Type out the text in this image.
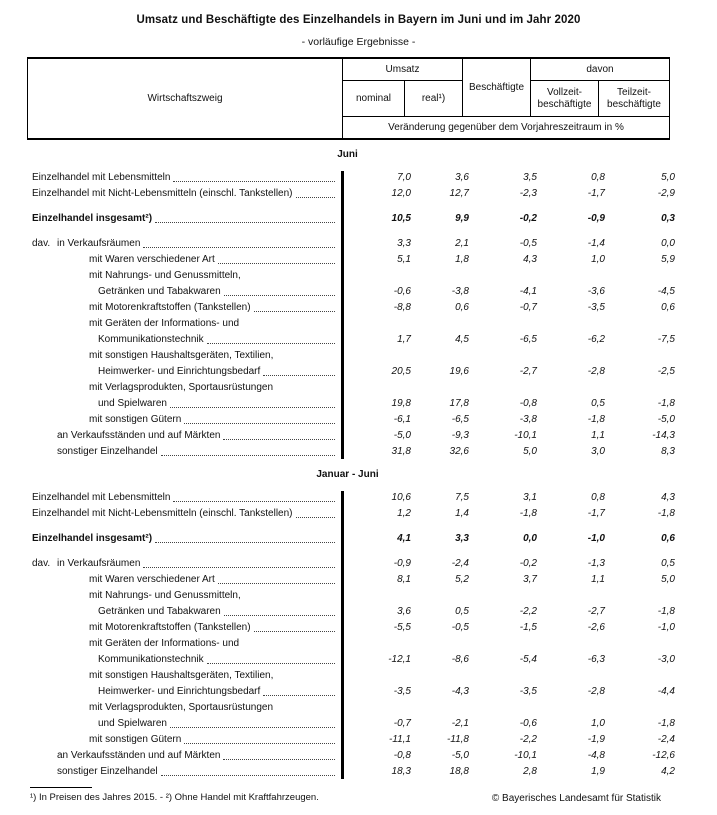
Umsatz und Beschäftigte des Einzelhandels in Bayern im Juni und im Jahr 2020
- vorläufige Ergebnisse -
Wirtschaftszweig
Umsatz
Beschäftigte
davon
nominal	real¹)
Vollzeit-beschäftigte
Teilzeit-beschäftigte
Veränderung gegenüber dem Vorjahreszeitraum in %
Juni
Einzelhandel mit Lebensmitteln	7,0	3,6	3,5	0,8	5,0
Einzelhandel mit Nicht-Lebensmitteln (einschl. Tankstellen)	12,0	12,7	-2,3	-1,7	-2,9
Einzelhandel insgesamt²)	10,5	9,9	-0,2	-0,9	0,3
dav. in Verkaufsräumen	3,3	2,1	-0,5	-1,4	0,0
mit Waren verschiedener Art	5,1	1,8	4,3	1,0	5,9
mit Nahrungs- und Genussmitteln,
Getränken und Tabakwaren	-0,6	-3,8	-4,1	-3,6	-4,5
mit Motorenkraftstoffen (Tankstellen)	-8,8	0,6	-0,7	-3,5	0,6
mit Geräten der Informations- und
Kommunikationstechnik	1,7	4,5	-6,5	-6,2	-7,5
mit sonstigen Haushaltsgeräten, Textilien,
Heimwerker- und Einrichtungsbedarf	20,5	19,6	-2,7	-2,8	-2,5
mit Verlagsprodukten, Sportausrüstungen
und Spielwaren	19,8	17,8	-0,8	0,5	-1,8
mit sonstigen Gütern	-6,1	-6,5	-3,8	-1,8	-5,0
an Verkaufsständen und auf Märkten	-5,0	-9,3	-10,1	1,1	-14,3
sonstiger Einzelhandel	31,8	32,6	5,0	3,0	8,3
Januar - Juni
Einzelhandel mit Lebensmitteln	10,6	7,5	3,1	0,8	4,3
Einzelhandel mit Nicht-Lebensmitteln (einschl. Tankstellen)	1,2	1,4	-1,8	-1,7	-1,8
Einzelhandel insgesamt²)	4,1	3,3	0,0	-1,0	0,6
dav. in Verkaufsräumen	-0,9	-2,4	-0,2	-1,3	0,5
mit Waren verschiedener Art	8,1	5,2	3,7	1,1	5,0
mit Nahrungs- und Genussmitteln,
Getränken und Tabakwaren	3,6	0,5	-2,2	-2,7	-1,8
mit Motorenkraftstoffen (Tankstellen)	-5,5	-0,5	-1,5	-2,6	-1,0
mit Geräten der Informations- und
Kommunikationstechnik	-12,1	-8,6	-5,4	-6,3	-3,0
mit sonstigen Haushaltsgeräten, Textilien,
Heimwerker- und Einrichtungsbedarf	-3,5	-4,3	-3,5	-2,8	-4,4
mit Verlagsprodukten, Sportausrüstungen
und Spielwaren	-0,7	-2,1	-0,6	1,0	-1,8
mit sonstigen Gütern	-11,1	-11,8	-2,2	-1,9	-2,4
an Verkaufsständen und auf Märkten	-0,8	-5,0	-10,1	-4,8	-12,6
sonstiger Einzelhandel	18,3	18,8	2,8	1,9	4,2
¹) In Preisen des Jahres 2015. - ²) Ohne Handel mit Kraftfahrzeugen.	© Bayerisches Landesamt für Statistik
